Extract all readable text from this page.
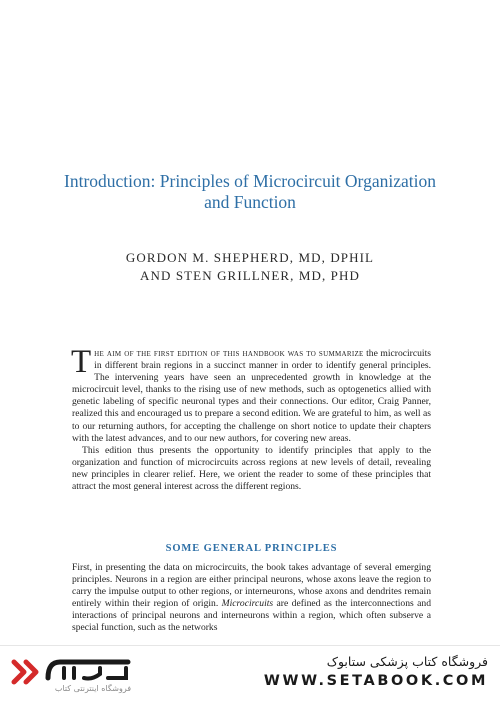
Introduction: Principles of Microcircuit Organization and Function
GORDON M. SHEPHERD, MD, DPHIL
AND STEN GRILLNER, MD, PHD

The aim of the first edition of this handbook was to summarize the microcircuits in different brain regions in a succinct manner in order to identify general principles. The intervening years have seen an unprecedented growth in knowledge at the microcircuit level, thanks to the rising use of new methods, such as optogenetics allied with genetic labeling of specific neuronal types and their connections. Our editor, Craig Panner, realized this and encouraged us to prepare a second edition. We are grateful to him, as well as to our returning authors, for accepting the challenge on short notice to update their chapters with the latest advances, and to our new authors, for covering new areas.

This edition thus presents the opportunity to identify principles that apply to the organization and function of microcircuits across regions at new levels of detail, revealing new principles in clearer relief. Here, we orient the reader to some of these principles that attract the most general interest across the different regions.

SOME GENERAL PRINCIPLES

First, in presenting the data on microcircuits, the book takes advantage of several emerging principles. Neurons in a region are either principal neurons, whose axons leave the region to carry the impulse output to other regions, or interneurons, whose axons and dendrites remain entirely within their region of origin. Microcircuits are defined as the interconnections and interactions of principal neurons and interneurons within a region, which often subserve a special function, such as the networks

فروشگاه اینترنتی کتاب
فروشگاه کتاب پزشکی ستابوک
WWW.SETABOOK.COM
